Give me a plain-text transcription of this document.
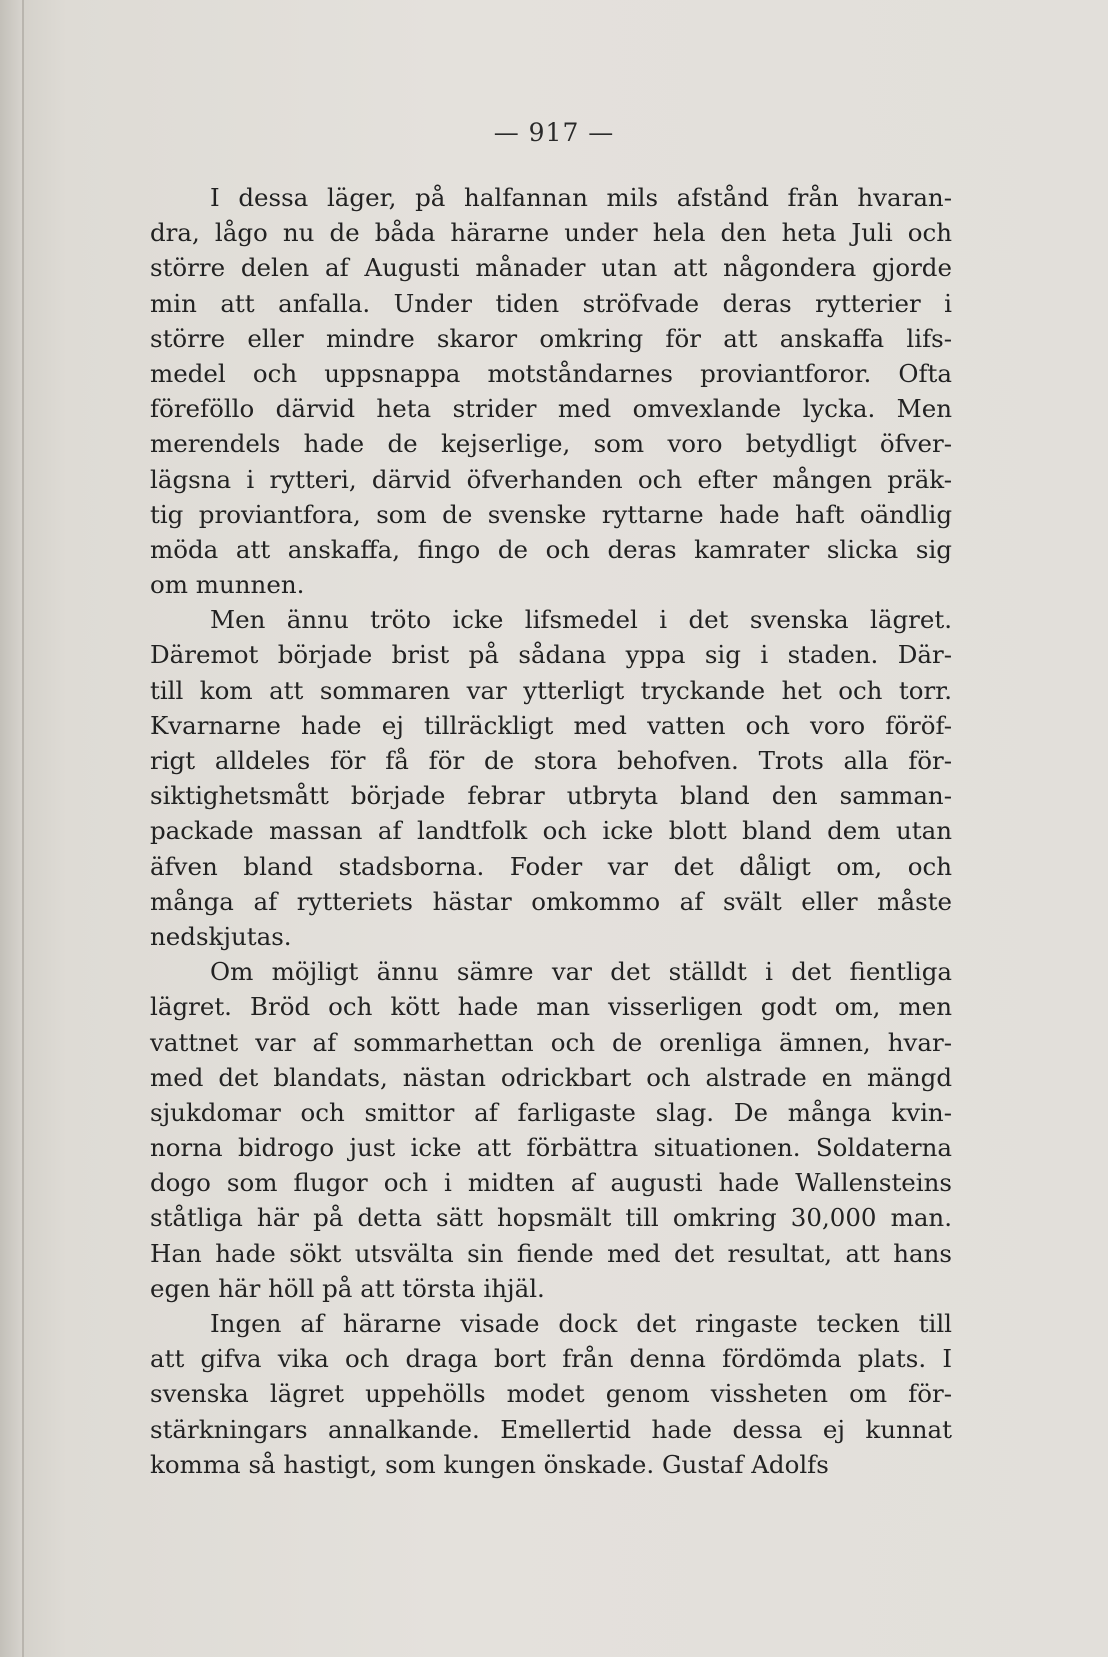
— 917 —
I dessa läger, på halfannan mils afstånd från hvaran-
dra, lågo nu de båda härarne under hela den heta Juli och
större delen af Augusti månader utan att någondera gjorde
min att anfalla. Under tiden ströfvade deras rytterier i
större eller mindre skaror omkring för att anskaffa lifs-
medel och uppsnappa motståndarnes proviantforor. Ofta
föreföllo därvid heta strider med omvexlande lycka. Men
merendels hade de kejserlige, som voro betydligt öfver-
lägsna i rytteri, därvid öfverhanden och efter mången präk-
tig proviantfora, som de svenske ryttarne hade haft oändlig
möda att anskaffa, fingo de och deras kamrater slicka sig
om munnen.
Men ännu tröto icke lifsmedel i det svenska lägret.
Däremot började brist på sådana yppa sig i staden. Där-
till kom att sommaren var ytterligt tryckande het och torr.
Kvarnarne hade ej tillräckligt med vatten och voro föröf-
rigt alldeles för få för de stora behofven. Trots alla för-
siktighetsmått började febrar utbryta bland den samman-
packade massan af landtfolk och icke blott bland dem utan
äfven bland stadsborna. Foder var det dåligt om, och
många af rytteriets hästar omkommo af svält eller måste
nedskjutas.
Om möjligt ännu sämre var det ställdt i det fientliga
lägret. Bröd och kött hade man visserligen godt om, men
vattnet var af sommarhettan och de orenliga ämnen, hvar-
med det blandats, nästan odrickbart och alstrade en mängd
sjukdomar och smittor af farligaste slag. De många kvin-
norna bidrogo just icke att förbättra situationen. Soldaterna
dogo som flugor och i midten af augusti hade Wallensteins
ståtliga här på detta sätt hopsmält till omkring 30,000 man.
Han hade sökt utsvälta sin fiende med det resultat, att hans
egen här höll på att törsta ihjäl.
Ingen af härarne visade dock det ringaste tecken till
att gifva vika och draga bort från denna fördömda plats. I
svenska lägret uppehölls modet genom vissheten om för-
stärkningars annalkande. Emellertid hade dessa ej kunnat
komma så hastigt, som kungen önskade. Gustaf Adolfs
